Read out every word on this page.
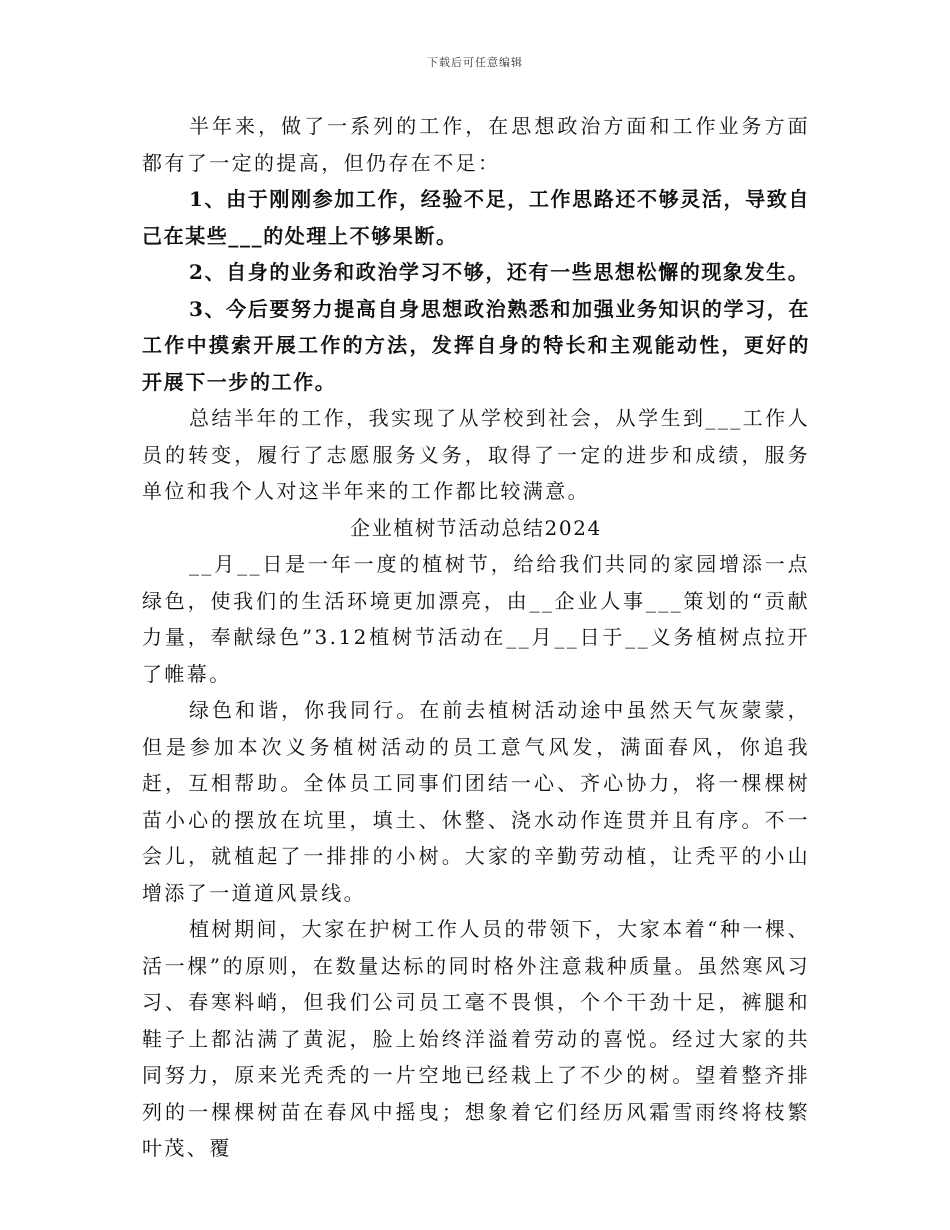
下载后可任意编辑

半年来，做了一系列的工作，在思想政治方面和工作业务方面都有了一定的提高，但仍存在不足：

1、由于刚刚参加工作，经验不足，工作思路还不够灵活，导致自己在某些___的处理上不够果断。

2、自身的业务和政治学习不够，还有一些思想松懈的现象发生。

3、今后要努力提高自身思想政治熟悉和加强业务知识的学习，在工作中摸索开展工作的方法，发挥自身的特长和主观能动性，更好的开展下一步的工作。

总结半年的工作，我实现了从学校到社会，从学生到___工作人员的转变，履行了志愿服务义务，取得了一定的进步和成绩，服务单位和我个人对这半年来的工作都比较满意。

企业植树节活动总结2024

__月__日是一年一度的植树节，给给我们共同的家园增添一点绿色，使我们的生活环境更加漂亮，由__企业人事___策划的“贡献力量，奉献绿色”3.12植树节活动在__月__日于__义务植树点拉开了帷幕。

绿色和谐，你我同行。在前去植树活动途中虽然天气灰蒙蒙，但是参加本次义务植树活动的员工意气风发，满面春风，你追我赶，互相帮助。全体员工同事们团结一心、齐心协力，将一棵棵树苗小心的摆放在坑里，填土、休整、浇水动作连贯并且有序。不一会儿，就植起了一排排的小树。大家的辛勤劳动植，让秃平的小山增添了一道道风景线。

植树期间，大家在护树工作人员的带领下，大家本着“种一棵、活一棵”的原则，在数量达标的同时格外注意栽种质量。虽然寒风习习、春寒料峭，但我们公司员工毫不畏惧，个个干劲十足，裤腿和鞋子上都沾满了黄泥，脸上始终洋溢着劳动的喜悦。经过大家的共同努力，原来光秃秃的一片空地已经栽上了不少的树。望着整齐排列的一棵棵树苗在春风中摇曳；想象着它们经历风霜雪雨终将枝繁叶茂、覆
